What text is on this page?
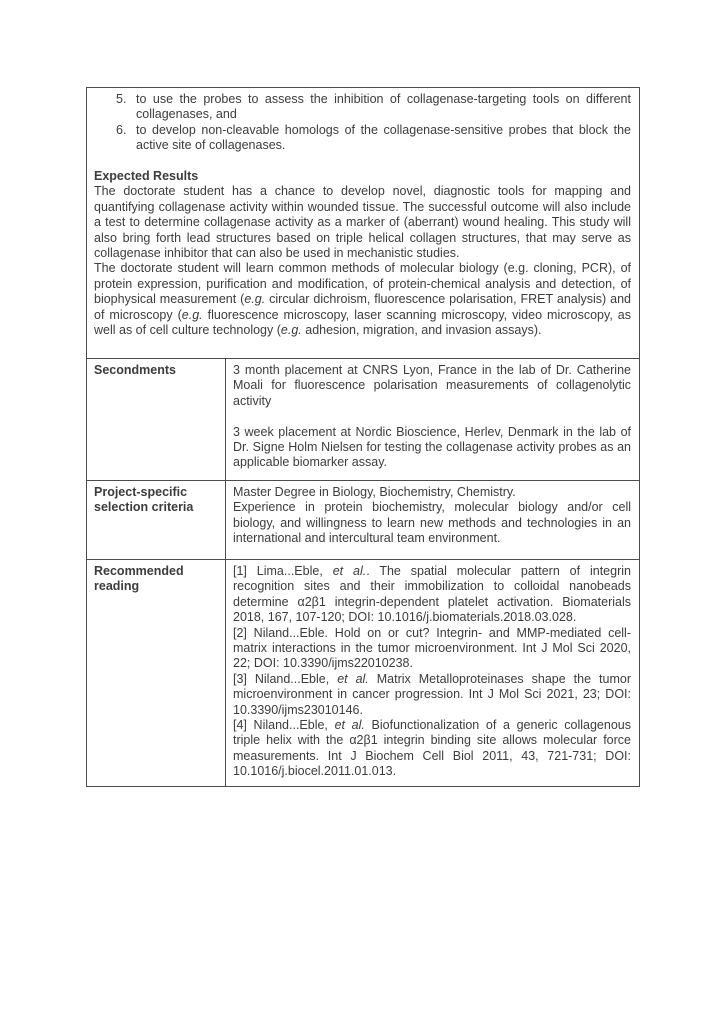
5. to use the probes to assess the inhibition of collagenase-targeting tools on different collagenases, and
6. to develop non-cleavable homologs of the collagenase-sensitive probes that block the active site of collagenases.

Expected Results

The doctorate student has a chance to develop novel, diagnostic tools for mapping and quantifying collagenase activity within wounded tissue. The successful outcome will also include a test to determine collagenase activity as a marker of (aberrant) wound healing. This study will also bring forth lead structures based on triple helical collagen structures, that may serve as collagenase inhibitor that can also be used in mechanistic studies.

The doctorate student will learn common methods of molecular biology (e.g. cloning, PCR), of protein expression, purification and modification, of protein-chemical analysis and detection, of biophysical measurement (e.g. circular dichroism, fluorescence polarisation, FRET analysis) and of microscopy (e.g. fluorescence microscopy, laser scanning microscopy, video microscopy, as well as of cell culture technology (e.g. adhesion, migration, and invasion assays).

Secondments	3 month placement at CNRS Lyon, France in the lab of Dr. Catherine Moali for fluorescence polarisation measurements of collagenolytic activity

3 week placement at Nordic Bioscience, Herlev, Denmark in the lab of Dr. Signe Holm Nielsen for testing the collagenase activity probes as an applicable biomarker assay.

Project-specific selection criteria

Master Degree in Biology, Biochemistry, Chemistry.

Experience in protein biochemistry, molecular biology and/or cell biology, and willingness to learn new methods and technologies in an international and intercultural team environment.

Recommended reading

[1] Lima...Eble, et al.. The spatial molecular pattern of integrin recognition sites and their immobilization to colloidal nanobeads determine α2β1 integrin-dependent platelet activation. Biomaterials 2018, 167, 107-120; DOI: 10.1016/j.biomaterials.2018.03.028.

[2] Niland...Eble. Hold on or cut? Integrin- and MMP-mediated cell-matrix interactions in the tumor microenvironment. Int J Mol Sci 2020, 22; DOI: 10.3390/ijms22010238.

[3] Niland...Eble, et al. Matrix Metalloproteinases shape the tumor microenvironment in cancer progression. Int J Mol Sci 2021, 23; DOI: 10.3390/ijms23010146.

[4] Niland...Eble, et al. Biofunctionalization of a generic collagenous triple helix with the α2β1 integrin binding site allows molecular force measurements. Int J Biochem Cell Biol 2011, 43, 721-731; DOI: 10.1016/j.biocel.2011.01.013.
